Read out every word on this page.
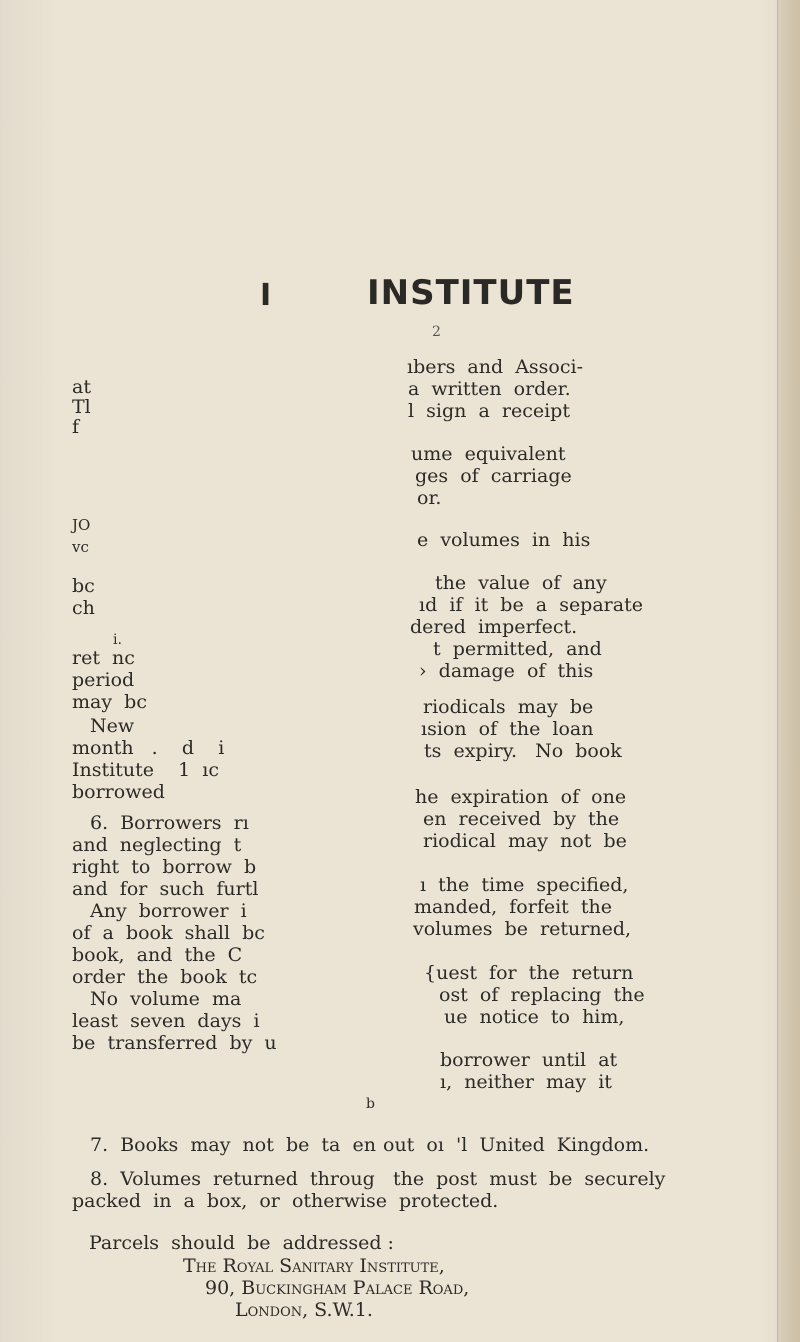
I	INSTITUTE
2
at
Tl
f
JO
vc
bc
ch
i.
ret  nc
period
may  bc
New
month   .    d    i
Institute    1  ıc
borrowed
6.  Borrowers  rı
and  neglecting  t
right  to  borrow  b
and  for  such  furtl
Any  borrower  i
of  a  book  shall  bc
book,  and  the  C
order  the  book  tc
No  volume  ma
least  seven  days  i
be  transferred  by  u
ıbers  and  Associ-
a  written  order.
l  sign  a  receipt
ume  equivalent
ges  of  carriage
or.
e  volumes  in  his
the  value  of  any
ıd  if  it  be  a  separate
dered  imperfect.
t  permitted,  and
›  damage  of  this
riodicals  may  be
ısion  of  the  loan
ts  expiry.   No  book
he  expiration  of  one
en  received  by  the
riodical  may  not  be
ı  the  time  specified,
manded,  forfeit  the
volumes  be  returned,
{uest  for  the  return
ost  of  replacing  the
ue  notice  to  him,
borrower  until  at
ı,  neither  may  it
b
7.  Books  may  not  be  ta  en out  oı  'l  United  Kingdom.
8.  Volumes  returned  throug   the  post  must  be  securely
packed  in  a  box,  or  otherwise  protected.
Parcels  should  be  addressed :
The Royal Sanitary Institute,
90, Buckingham Palace Road,
London, S.W.1.
